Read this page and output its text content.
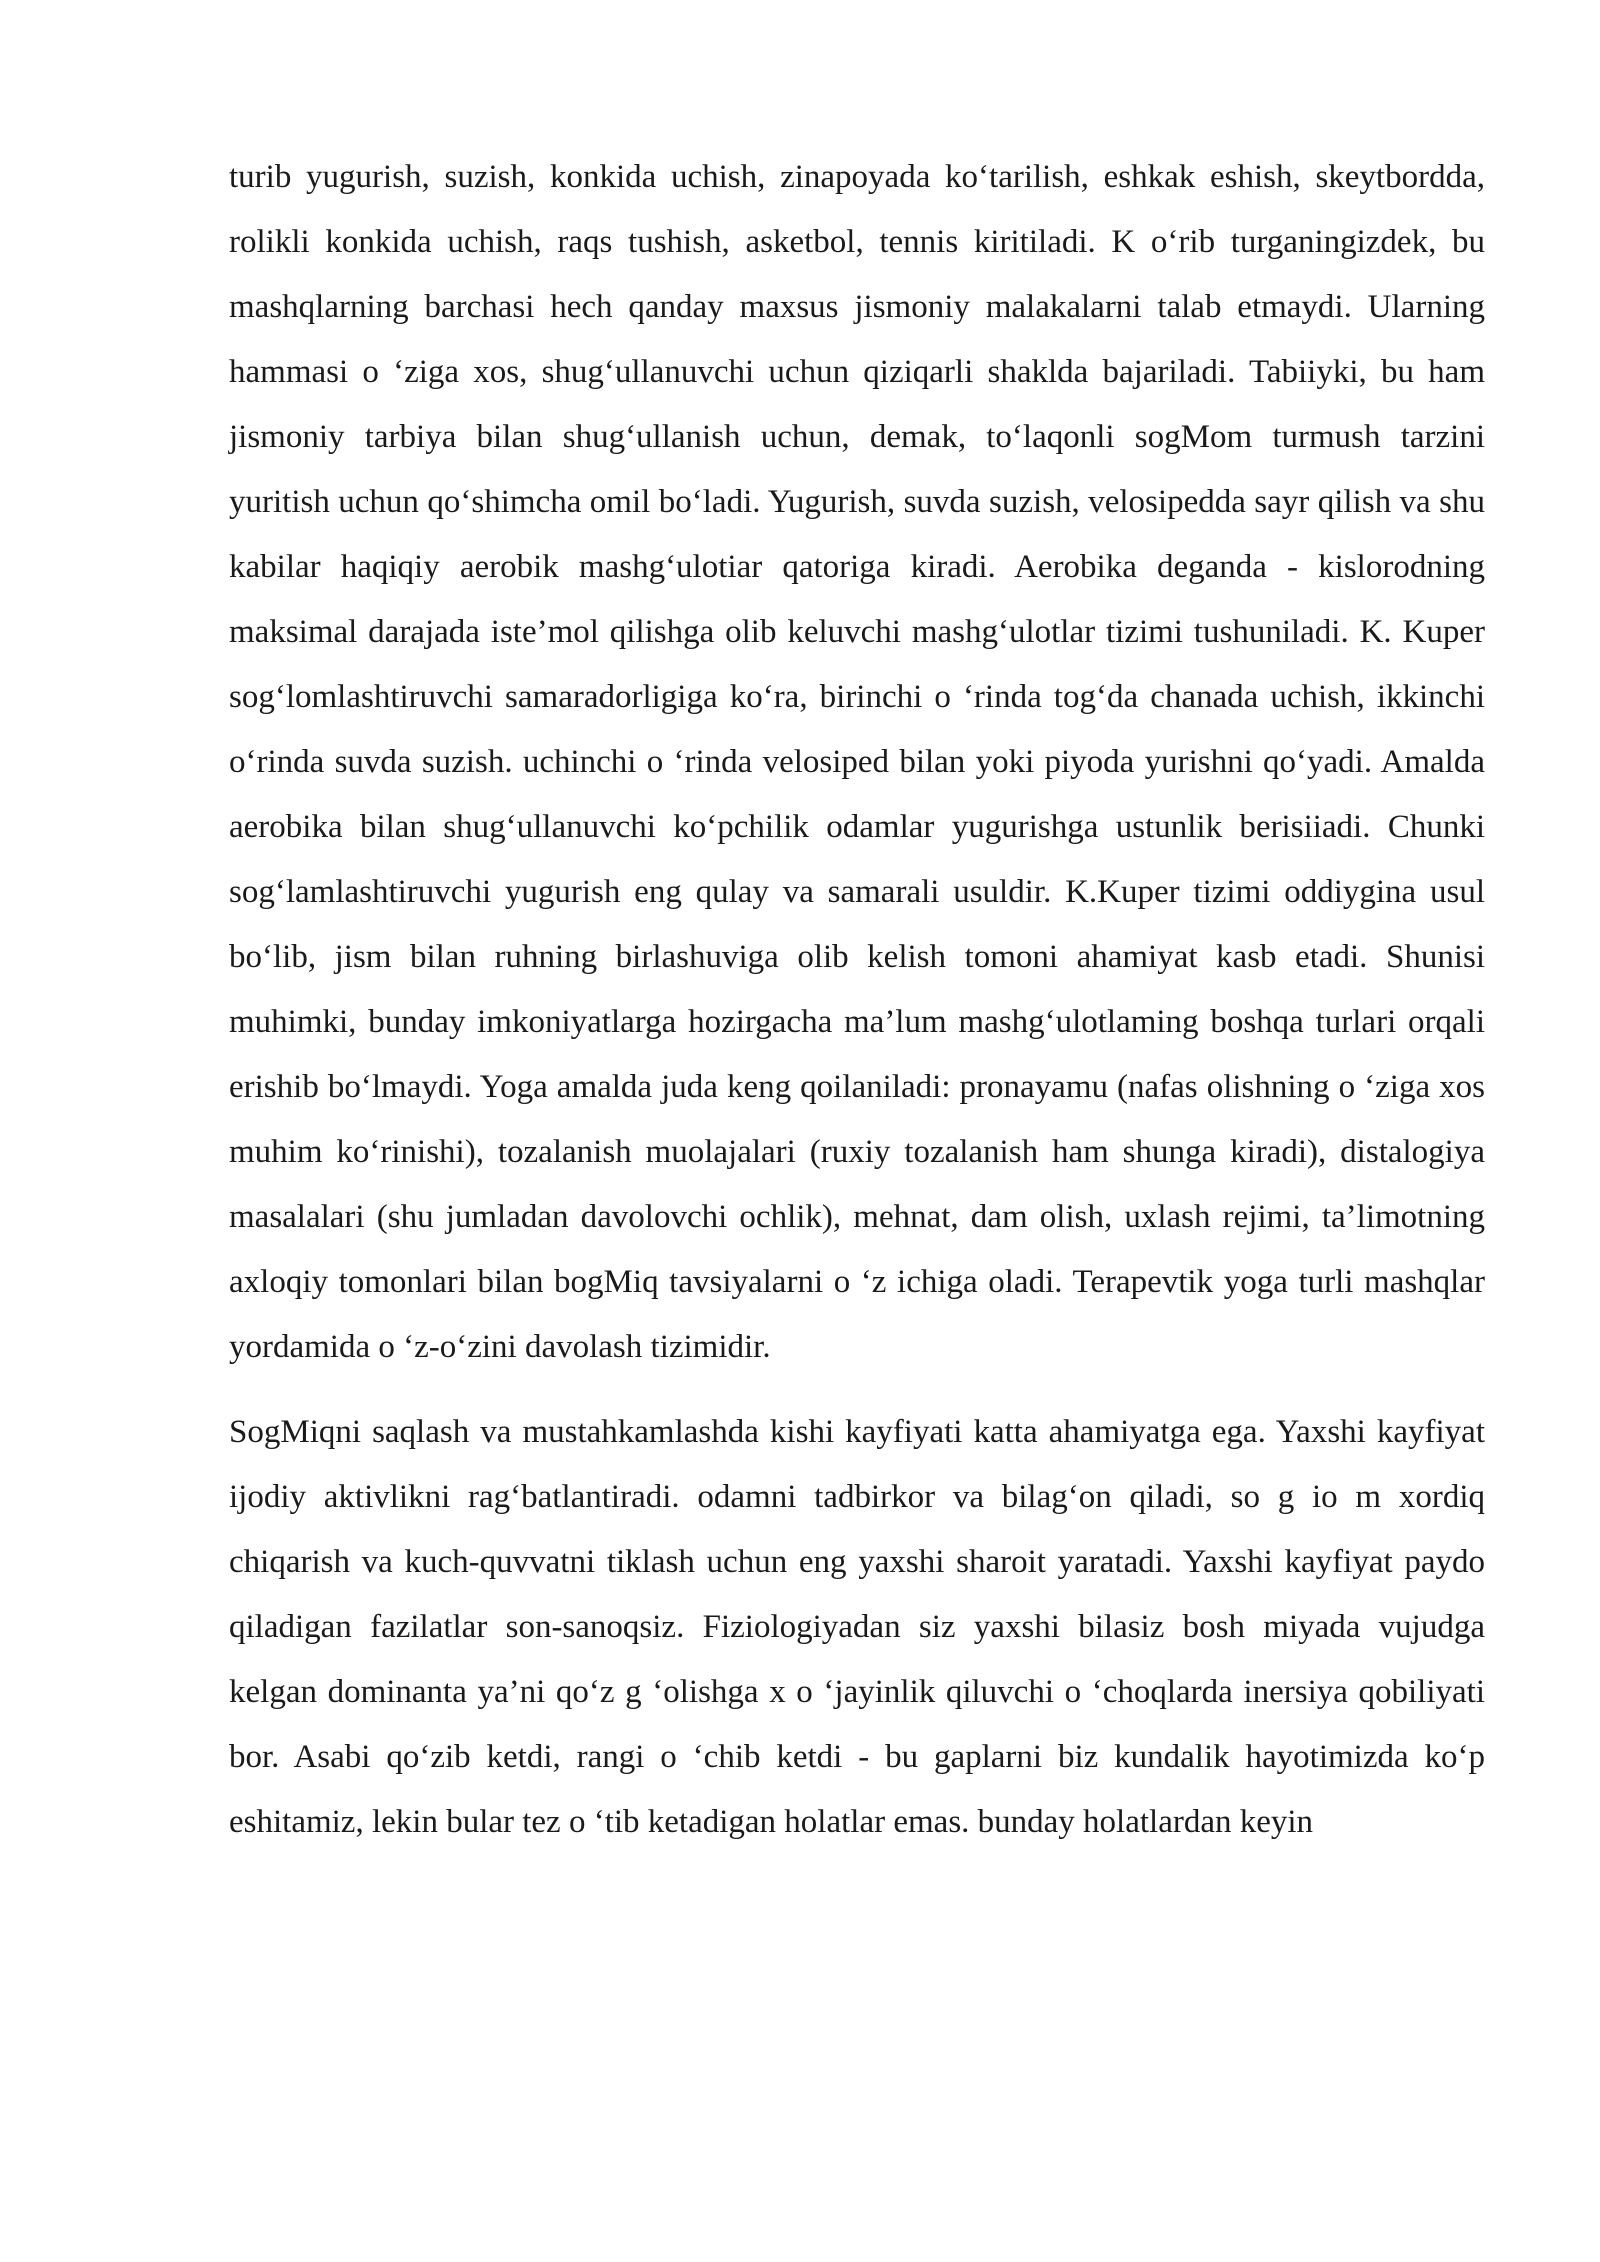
turib yugurish, suzish, konkida uchish, zinapoyada ko‘tarilish, eshkak eshish, skeytbordda, rolikli konkida uchish, raqs tushish, asketbol, tennis kiritiladi. K o‘rib turganingizdek, bu mashqlarning barchasi hech qanday maxsus jismoniy malakalarni talab etmaydi. Ularning hammasi o ‘ziga xos, shug‘ullanuvchi uchun qiziqarli shaklda bajariladi. Tabiiyki, bu ham jismoniy tarbiya bilan shug‘ullanish uchun, demak, to‘laqonli sogMom turmush tarzini yuritish uchun qo‘shimcha omil bo‘ladi. Yugurish, suvda suzish, velosipedda sayr qilish va shu kabilar haqiqiy aerobik mashg‘ulotiar qatoriga kiradi. Aerobika deganda - kislorodning maksimal darajada iste’mol qilishga olib keluvchi mashg‘ulotlar tizimi tushuniladi. K. Kuper sog‘lomlashtiruvchi samaradorligiga ko‘ra, birinchi o ‘rinda tog‘da chanada uchish, ikkinchi o‘rinda suvda suzish. uchinchi o ‘rinda velosiped bilan yoki piyoda yurishni qo‘yadi. Amalda aerobika bilan shug‘ullanuvchi ko‘pchilik odamlar yugurishga ustunlik berisiiadi. Chunki sog‘lamlashtiruvchi yugurish eng qulay va samarali usuldir. K.Kuper tizimi oddiygina usul bo‘lib, jism bilan ruhning birlashuviga olib kelish tomoni ahamiyat kasb etadi. Shunisi muhimki, bunday imkoniyatlarga hozirgacha ma’lum mashg‘ulotlaming boshqa turlari orqali erishib bo‘lmaydi. Yoga amalda juda keng qoilaniladi: pronayamu (nafas olishning o ‘ziga xos muhim ko‘rinishi), tozalanish muolajalari (ruxiy tozalanish ham shunga kiradi), distalogiya masalalari (shu jumladan davolovchi ochlik), mehnat, dam olish, uxlash rejimi, ta’limotning axloqiy tomonlari bilan bogMiq tavsiyalarni o ‘z ichiga oladi. Terapevtik yoga turli mashqlar yordamida o ‘z-o‘zini davolash tizimidir.

SogMiqni saqlash va mustahkamlashda kishi kayfiyati katta ahamiyatga ega. Yaxshi kayfiyat ijodiy aktivlikni rag‘batlantiradi. odamni tadbirkor va bilag‘on qiladi, so g io m xordiq chiqarish va kuch-quvvatni tiklash uchun eng yaxshi sharoit yaratadi. Yaxshi kayfiyat paydo qiladigan fazilatlar son-sanoqsiz. Fiziologiyadan siz yaxshi bilasiz bosh miyada vujudga kelgan dominanta ya’ni qo‘z g ‘olishga x o ‘jayinlik qiluvchi o ‘choqlarda inersiya qobiliyati bor. Asabi qo‘zib ketdi, rangi o ‘chib ketdi - bu gaplarni biz kundalik hayotimizda ko‘p eshitamiz, lekin bular tez o ‘tib ketadigan holatlar emas. bunday holatlardan keyin
